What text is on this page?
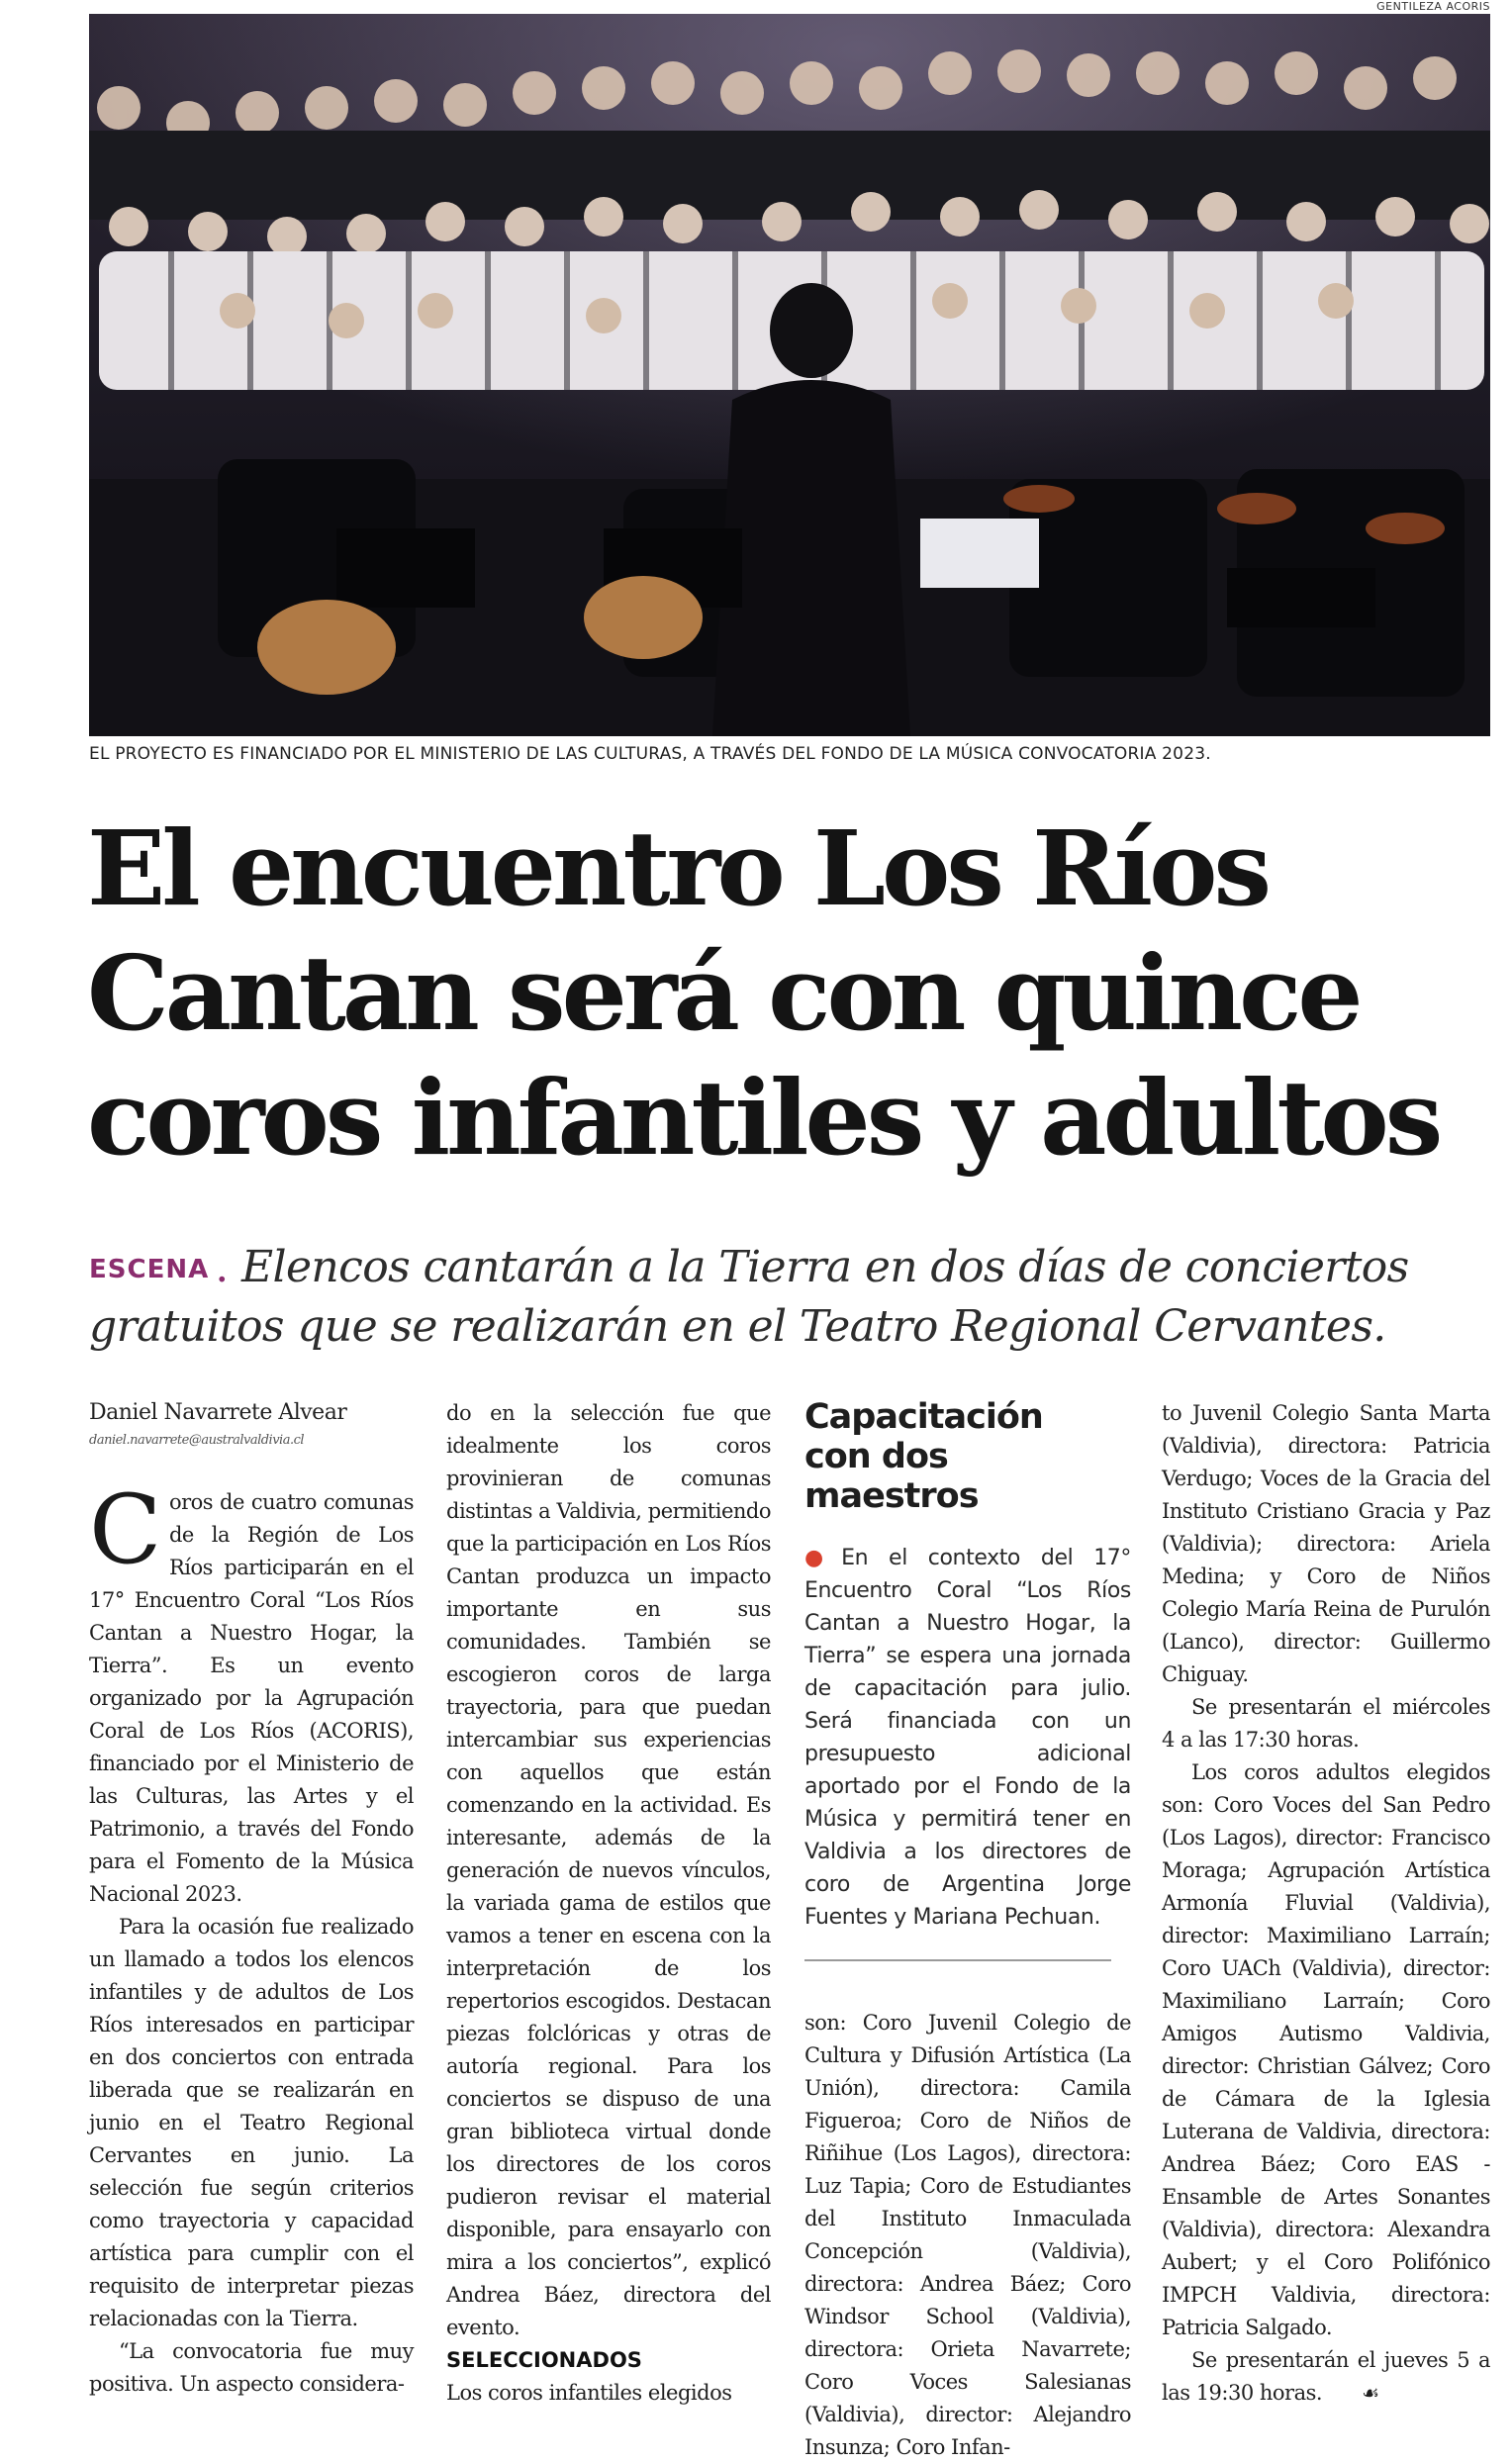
GENTILEZA ACORIS
EL PROYECTO ES FINANCIADO POR EL MINISTERIO DE LAS CULTURAS, A TRAVÉS DEL FONDO DE LA MÚSICA CONVOCATORIA 2023.
El encuentro Los Ríos
Cantan será con quince
coros infantiles y adultos
ESCENA . Elencos cantarán a la Tierra en dos días de conciertos
gratuitos que se realizarán en el Teatro Regional Cervantes.
Daniel Navarrete Alvear
daniel.navarrete@australvaldivia.cl

Coros de cuatro comunas de la Región de Los Ríos participarán en el 17° Encuentro Coral “Los Ríos Cantan a Nuestro Hogar, la Tierra”. Es un evento organizado por la Agrupación Coral de Los Ríos (ACORIS), financiado por el Ministerio de las Culturas, las Artes y el Patrimonio, a través del Fondo para el Fomento de la Música Nacional 2023.

Para la ocasión fue realizado un llamado a todos los elencos infantiles y de adultos de Los Ríos interesados en participar en dos conciertos con entrada liberada que se realizarán en junio en el Teatro Regional Cervantes en junio. La selección fue según criterios como trayectoria y capacidad artística para cumplir con el requisito de interpretar piezas relacionadas con la Tierra.

“La convocatoria fue muy positiva. Un aspecto considera-

do en la selección fue que idealmente los coros provinieran de comunas distintas a Valdivia, permitiendo que la participación en Los Ríos Cantan produzca un impacto importante en sus comunidades. También se escogieron coros de larga trayectoria, para que puedan intercambiar sus experiencias con aquellos que están comenzando en la actividad. Es interesante, además de la generación de nuevos vínculos, la variada gama de estilos que vamos a tener en escena con la interpretación de los repertorios escogidos. Destacan piezas folclóricas y otras de autoría regional. Para los conciertos se dispuso de una gran biblioteca virtual donde los directores de los coros pudieron revisar el material disponible, para ensayarlo con mira a los conciertos”, explicó Andrea Báez, directora del evento.

SELECCIONADOS

Los coros infantiles elegidos

Capacitación
con dos maestros

● En el contexto del 17° Encuentro Coral “Los Ríos Cantan a Nuestro Hogar, la Tierra” se espera una jornada de capacitación para julio. Será financiada con un presupuesto adicional aportado por el Fondo de la Música y permitirá tener en Valdivia a los directores de coro de Argentina Jorge Fuentes y Mariana Pechuan.

son: Coro Juvenil Colegio de Cultura y Difusión Artística (La Unión), directora: Camila Figueroa; Coro de Niños de Riñihue (Los Lagos), directora: Luz Tapia; Coro de Estudiantes del Instituto Inmaculada Concepción (Valdivia), directora: Andrea Báez; Coro Windsor School (Valdivia), directora: Orieta Navarrete; Coro Voces Salesianas (Valdivia), director: Alejandro Insunza; Coro Infan-

to Juvenil Colegio Santa Marta (Valdivia), directora: Patricia Verdugo; Voces de la Gracia del Instituto Cristiano Gracia y Paz (Valdivia); directora: Ariela Medina; y Coro de Niños Colegio María Reina de Purulón (Lanco), director: Guillermo Chiguay.

Se presentarán el miércoles 4 a las 17:30 horas.

Los coros adultos elegidos son: Coro Voces del San Pedro (Los Lagos), director: Francisco Moraga; Agrupación Artística Armonía Fluvial (Valdivia), director: Maximiliano Larraín; Coro UACh (Valdivia), director: Maximiliano Larraín; Coro Amigos Autismo Valdivia, director: Christian Gálvez; Coro de Cámara de la Iglesia Luterana de Valdivia, directora: Andrea Báez; Coro EAS - Ensamble de Artes Sonantes (Valdivia), directora: Alexandra Aubert; y el Coro Polifónico IMPCH Valdivia, directora: Patricia Salgado.

Se presentarán el jueves 5 a las 19:30 horas. ☙
